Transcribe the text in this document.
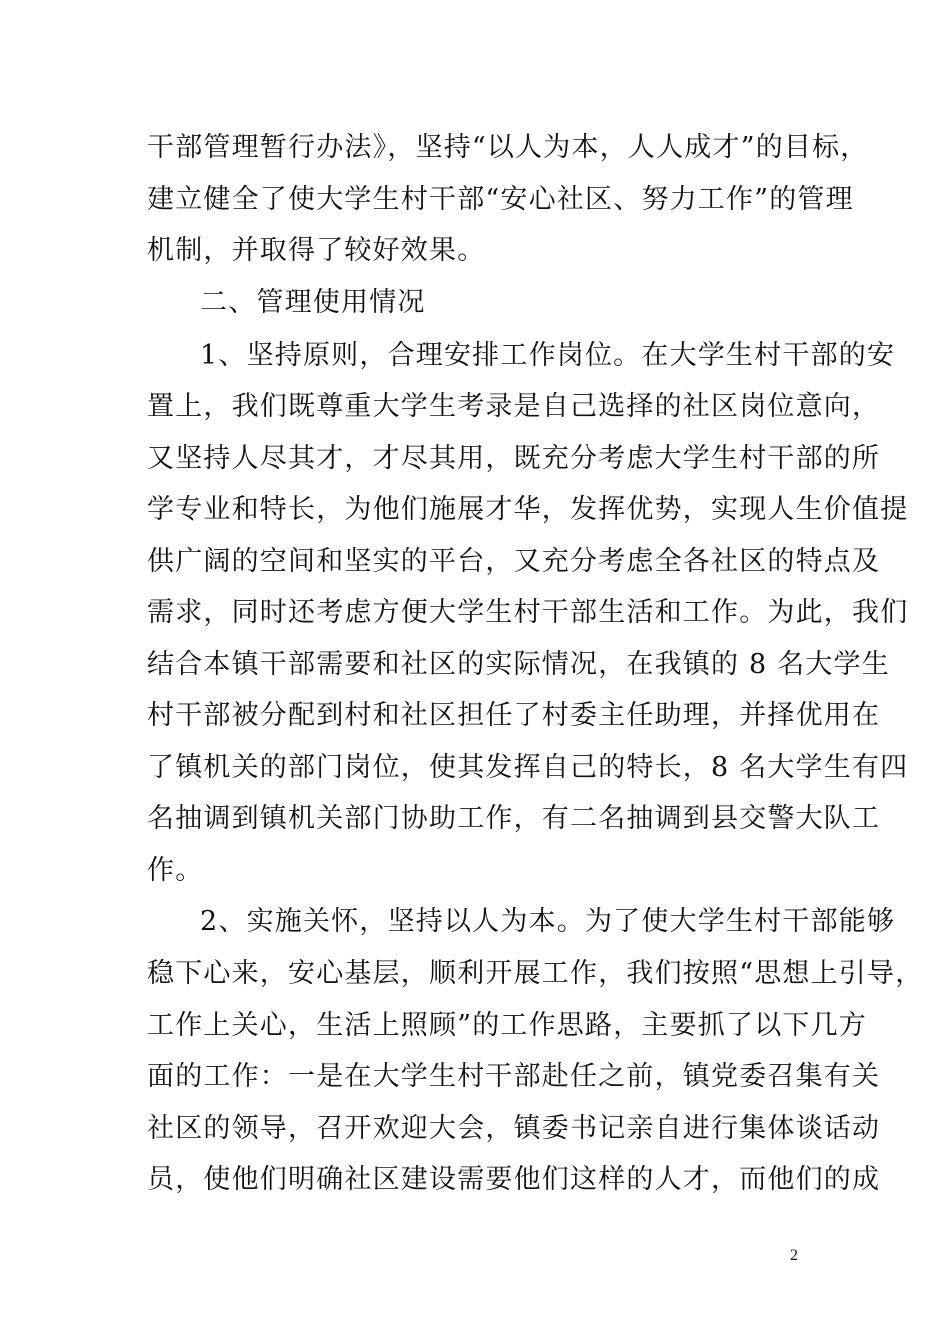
干部管理暂行办法》，坚持“以人为本，人人成才”的目标，
建立健全了使大学生村干部“安心社区、努力工作”的管理
机制，并取得了较好效果。
二、管理使用情况
1、坚持原则，合理安排工作岗位。在大学生村干部的安
置上，我们既尊重大学生考录是自己选择的社区岗位意向，
又坚持人尽其才，才尽其用，既充分考虑大学生村干部的所
学专业和特长，为他们施展才华，发挥优势，实现人生价值提
供广阔的空间和坚实的平台，又充分考虑全各社区的特点及
需求，同时还考虑方便大学生村干部生活和工作。为此，我们
结合本镇干部需要和社区的实际情况，在我镇的 8 名大学生
村干部被分配到村和社区担任了村委主任助理，并择优用在
了镇机关的部门岗位，使其发挥自己的特长，8 名大学生有四
名抽调到镇机关部门协助工作，有二名抽调到县交警大队工
作。
2、实施关怀，坚持以人为本。为了使大学生村干部能够
稳下心来，安心基层，顺利开展工作，我们按照“思想上引导，
工作上关心，生活上照顾”的工作思路，主要抓了以下几方
面的工作：一是在大学生村干部赴任之前，镇党委召集有关
社区的领导，召开欢迎大会，镇委书记亲自进行集体谈话动
员，使他们明确社区建设需要他们这样的人才，而他们的成
2
